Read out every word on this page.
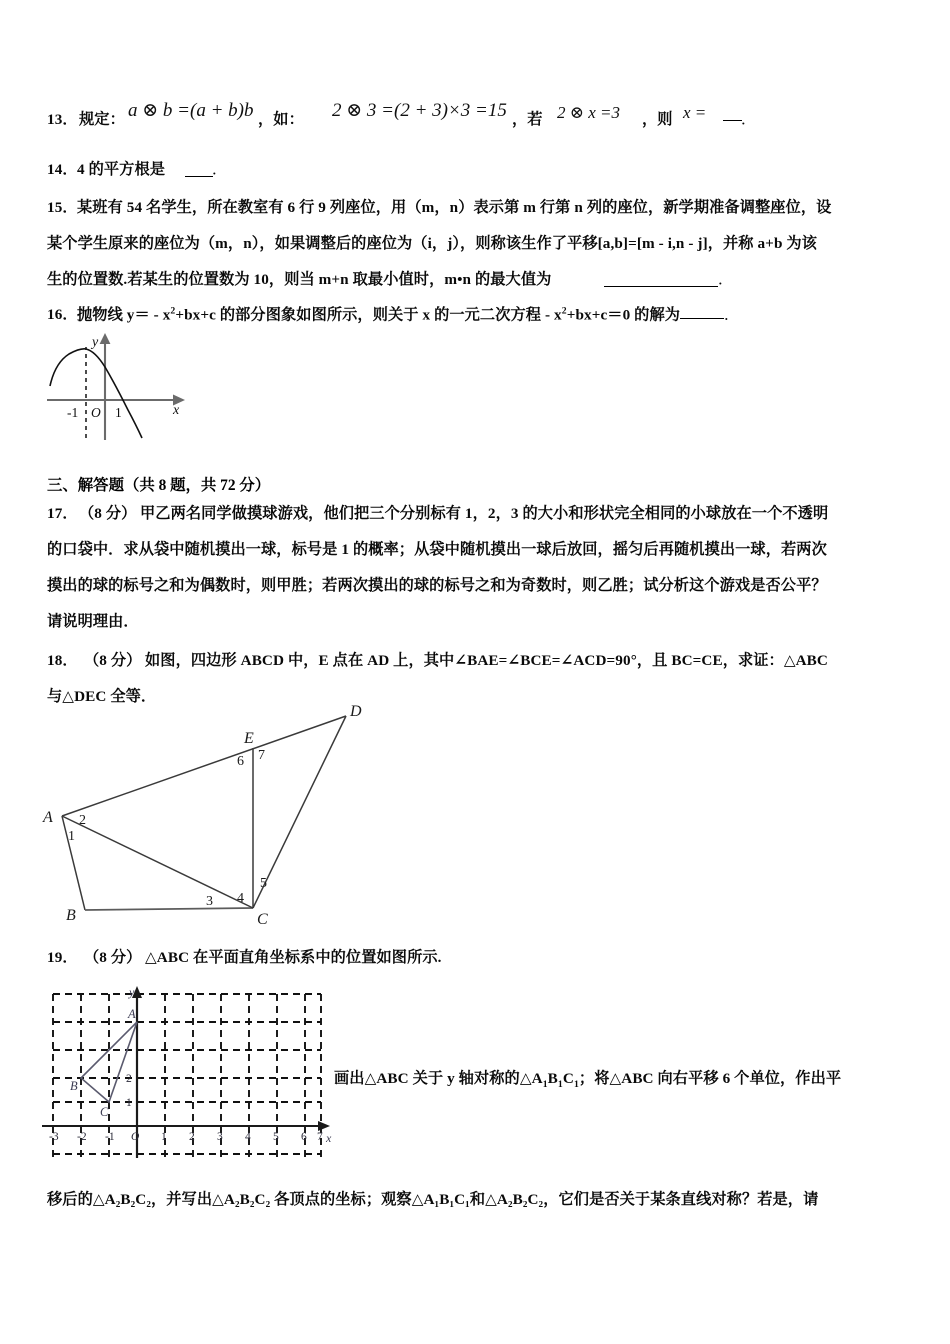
13． 规定： a ⊗ b =(a + b)b ，如： 2 ⊗ 3 =(2 + 3)×3 =15 ，若 2 ⊗ x =3 ，则 x = ．
14． 4 的平方根是	．
15． 某班有 54 名学生，所在教室有 6 行 9 列座位，用（m，n）表示第 m 行第 n 列的座位，新学期准备调整座位，设
某个学生原来的座位为（m，n），如果调整后的座位为（i，j），则称该生作了平移[a,b]=[m - i,n - j]，并称 a+b 为该
生的位置数.若某生的位置数为 10，则当 m+n 取最小值时，m•n 的最大值为	．
16． 抛物线 $y= - x^2+bx+c$ 的部分图象如图所示，则关于 x 的一元二次方程 - $x^2+bx+c=0$ 的解为	．
-1 O 1	x
y
三、解答题（共 8 题，共 72 分）
17． （8 分） 甲乙两名同学做摸球游戏，他们把三个分别标有 1，2，3 的大小和形状完全相同的小球放在一个不透明
的口袋中．求从袋中随机摸出一球，标号是 1 的概率；从袋中随机摸出一球后放回，摇匀后再随机摸出一球，若两次
摸出的球的标号之和为偶数时，则甲胜；若两次摸出的球的标号之和为奇数时，则乙胜；试分析这个游戏是否公平？
请说明理由．
18． （8 分） 如图，四边形 ABCD 中，E 点在 AD 上，其中∠BAE=∠BCE=∠ACD=90°，且 BC=CE，求证：△ABC
与△DEC 全等．
A
B	C
D
E
1
2
3 4
5
6 7
19． （8 分） △ABC 在平面直角坐标系中的位置如图所示.
A
B
C
1
2
-3 -2 -1 O 1 2 3 4 5 6 7 x
y
画出△ABC 关于 y 轴对称的$\triangle A_1B_1C_1$；将△ABC 向右平移 6 个单位，作出平
移后的△A₂B₂C₂，并写出△A₂B₂C₂ 各顶点的坐标；观察△A₁B₁C₁和△A₂B₂C₂，它们是否关于某条直线对称？若是，请
